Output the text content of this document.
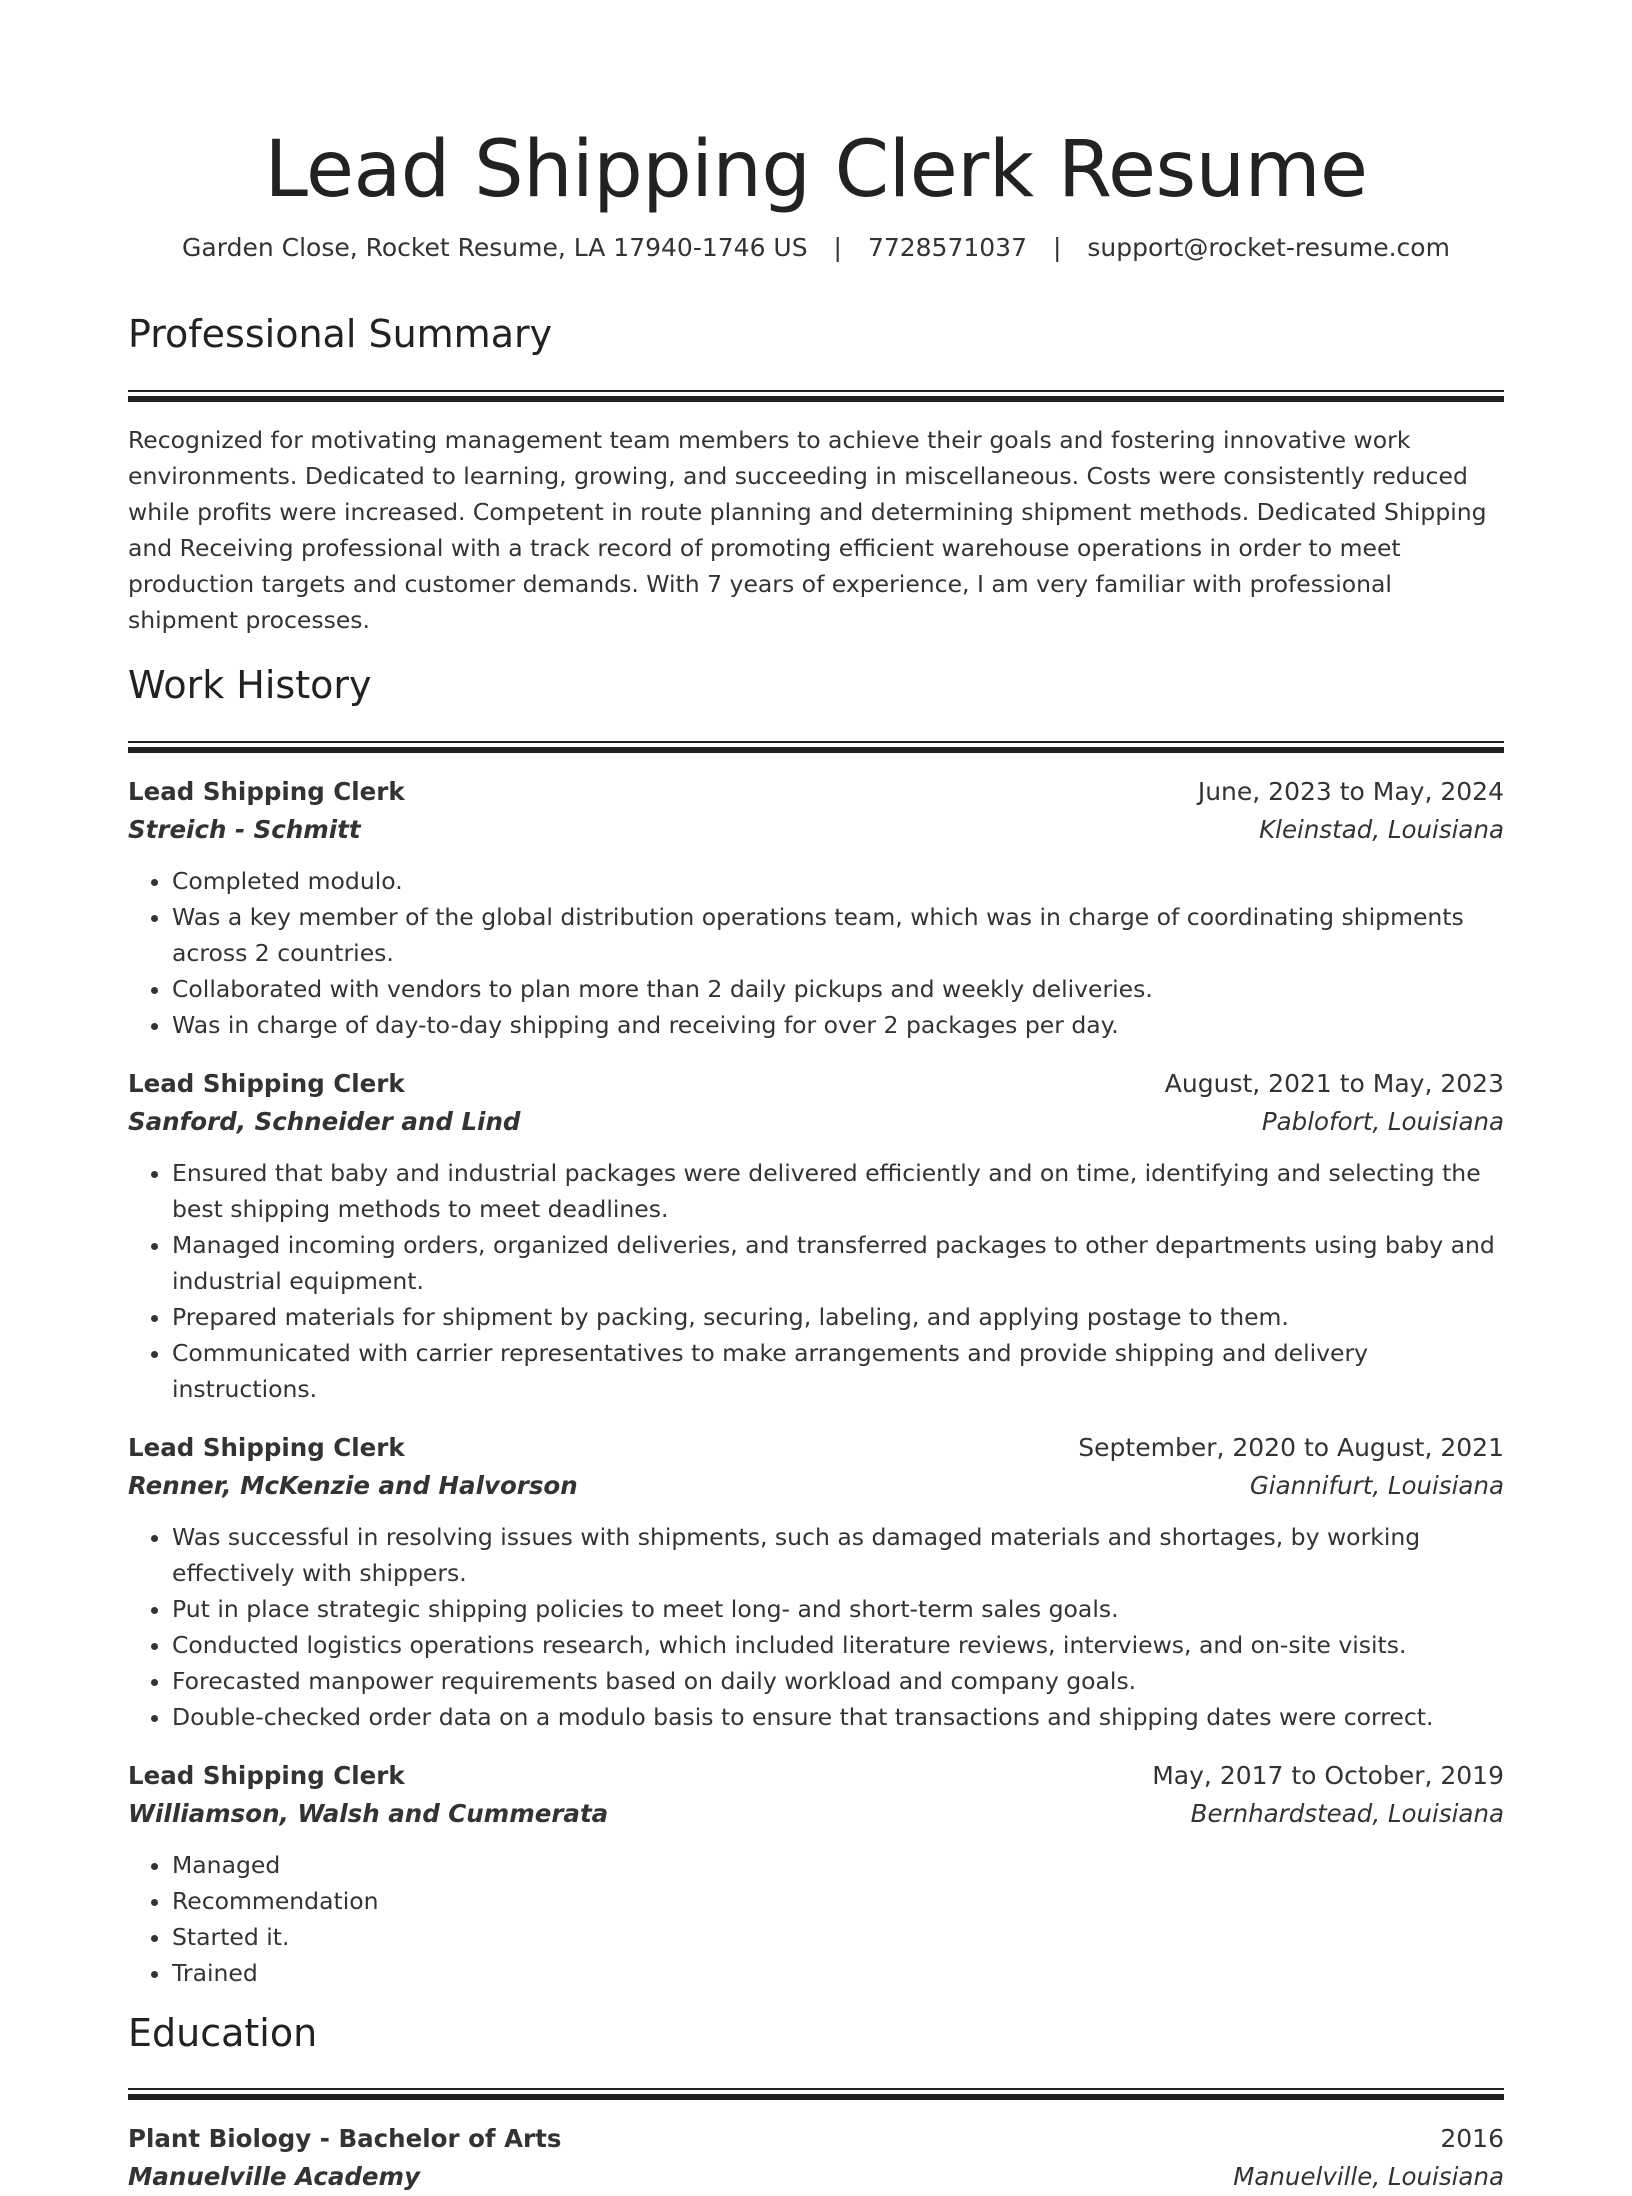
Lead Shipping Clerk Resume
Garden Close, Rocket Resume, LA 17940-1746 US | 7728571037 | support@rocket-resume.com
Professional Summary

Recognized for motivating management team members to achieve their goals and fostering innovative work environments. Dedicated to learning, growing, and succeeding in miscellaneous. Costs were consistently reduced while profits were increased. Competent in route planning and determining shipment methods. Dedicated Shipping and Receiving professional with a track record of promoting efficient warehouse operations in order to meet production targets and customer demands. With 7 years of experience, I am very familiar with professional shipment processes.

Work History
Lead Shipping Clerk	June, 2023 to May, 2024
Streich - Schmitt	Kleinstad, Louisiana
• Completed modulo.
• Was a key member of the global distribution operations team, which was in charge of coordinating shipments across 2 countries.
• Collaborated with vendors to plan more than 2 daily pickups and weekly deliveries.
• Was in charge of day-to-day shipping and receiving for over 2 packages per day.
Lead Shipping Clerk	August, 2021 to May, 2023
Sanford, Schneider and Lind	Pablofort, Louisiana
• Ensured that baby and industrial packages were delivered efficiently and on time, identifying and selecting the best shipping methods to meet deadlines.
• Managed incoming orders, organized deliveries, and transferred packages to other departments using baby and industrial equipment.
• Prepared materials for shipment by packing, securing, labeling, and applying postage to them.
• Communicated with carrier representatives to make arrangements and provide shipping and delivery instructions.
Lead Shipping Clerk	September, 2020 to August, 2021
Renner, McKenzie and Halvorson	Giannifurt, Louisiana
• Was successful in resolving issues with shipments, such as damaged materials and shortages, by working effectively with shippers.
• Put in place strategic shipping policies to meet long- and short-term sales goals.
• Conducted logistics operations research, which included literature reviews, interviews, and on-site visits.
• Forecasted manpower requirements based on daily workload and company goals.
• Double-checked order data on a modulo basis to ensure that transactions and shipping dates were correct.
Lead Shipping Clerk	May, 2017 to October, 2019
Williamson, Walsh and Cummerata	Bernhardstead, Louisiana
• Managed
• Recommendation
• Started it.
• Trained
Education
Plant Biology - Bachelor of Arts	2016
Manuelville Academy	Manuelville, Louisiana
